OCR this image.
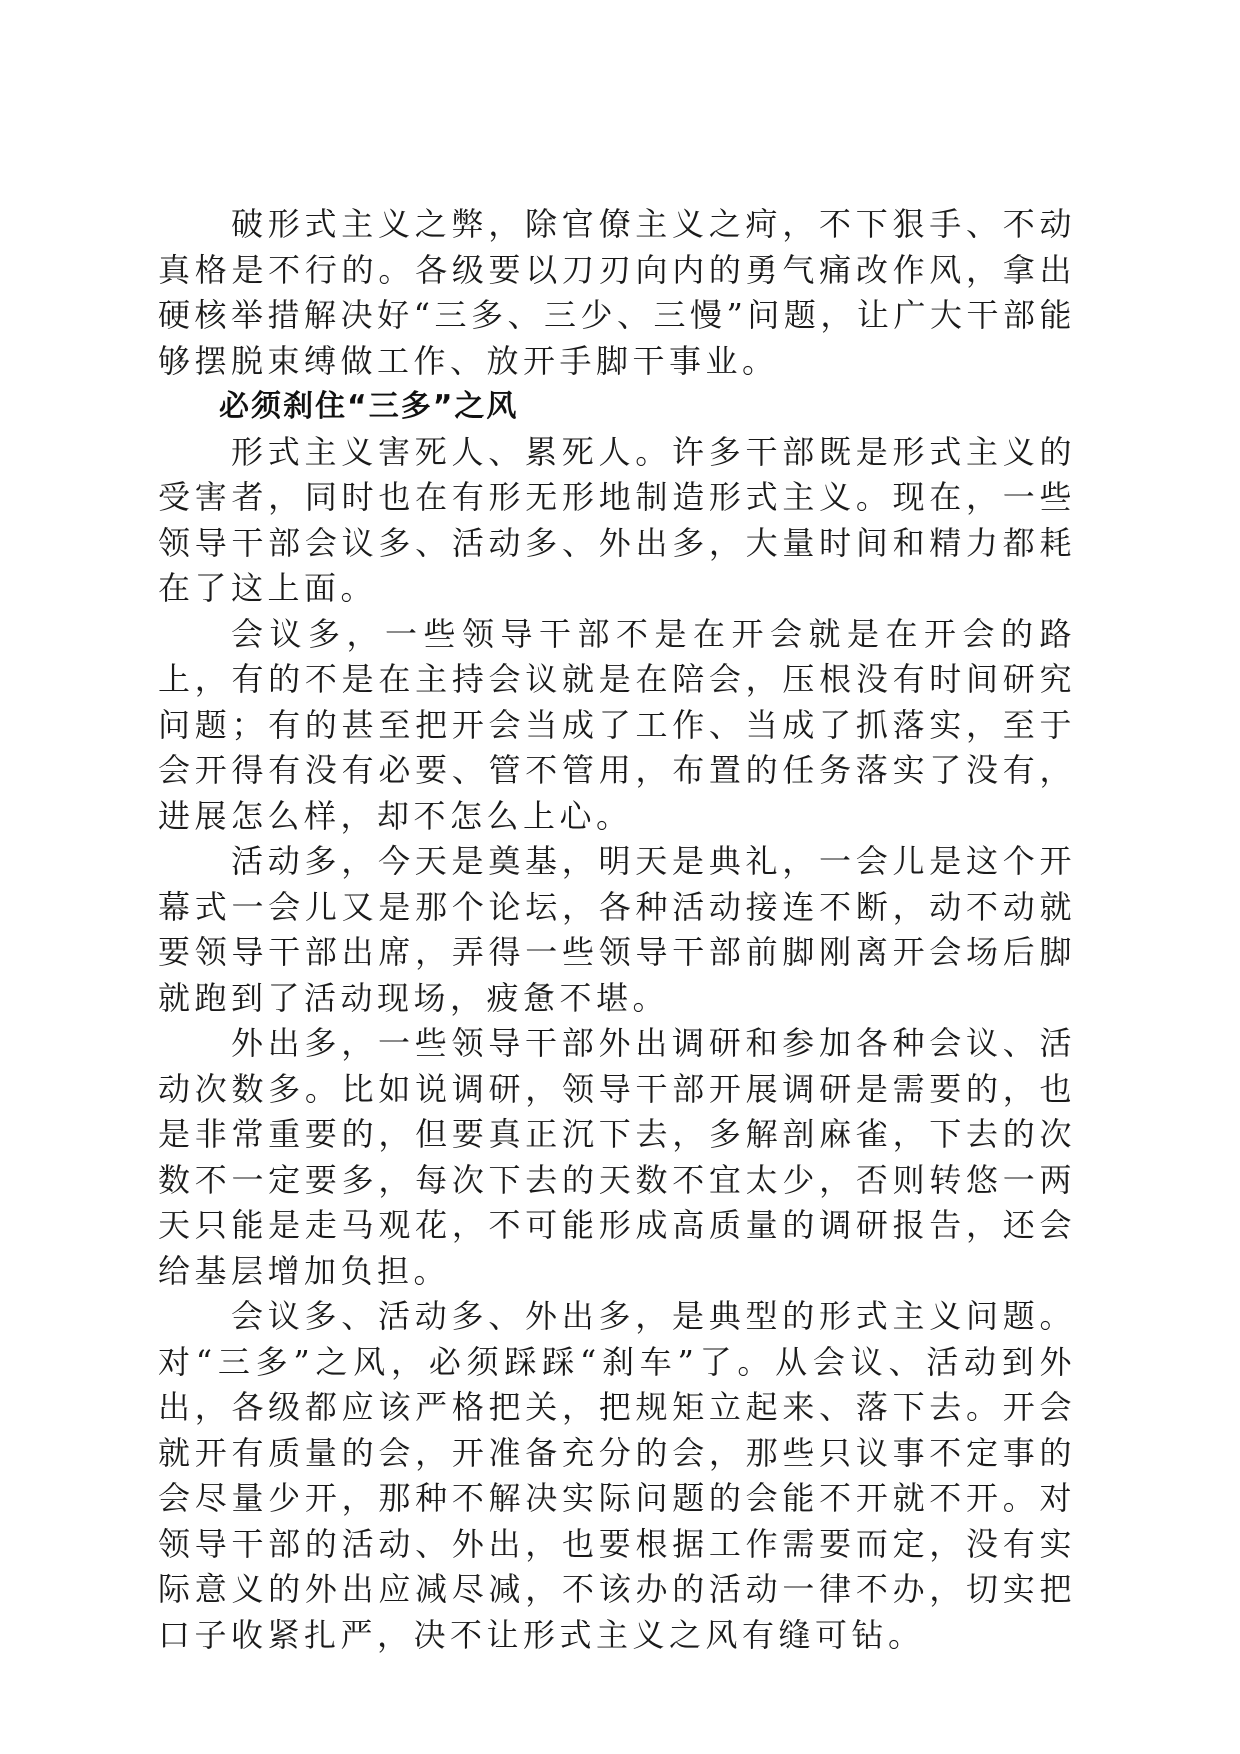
破形式主义之弊，除官僚主义之疴，不下狠手、不动真格是不行的。各级要以刀刃向内的勇气痛改作风，拿出硬核举措解决好“三多、三少、三慢”问题，让广大干部能够摆脱束缚做工作、放开手脚干事业。

必须刹住“三多”之风

形式主义害死人、累死人。许多干部既是形式主义的受害者，同时也在有形无形地制造形式主义。现在，一些领导干部会议多、活动多、外出多，大量时间和精力都耗在了这上面。

会议多，一些领导干部不是在开会就是在开会的路上，有的不是在主持会议就是在陪会，压根没有时间研究问题；有的甚至把开会当成了工作、当成了抓落实，至于会开得有没有必要、管不管用，布置的任务落实了没有，进展怎么样，却不怎么上心。

活动多，今天是奠基，明天是典礼，一会儿是这个开幕式一会儿又是那个论坛，各种活动接连不断，动不动就要领导干部出席，弄得一些领导干部前脚刚离开会场后脚就跑到了活动现场，疲惫不堪。

外出多，一些领导干部外出调研和参加各种会议、活动次数多。比如说调研，领导干部开展调研是需要的，也是非常重要的，但要真正沉下去，多解剖麻雀，下去的次数不一定要多，每次下去的天数不宜太少，否则转悠一两天只能是走马观花，不可能形成高质量的调研报告，还会给基层增加负担。

会议多、活动多、外出多，是典型的形式主义问题。对“三多”之风，必须踩踩“刹车”了。从会议、活动到外出，各级都应该严格把关，把规矩立起来、落下去。开会就开有质量的会，开准备充分的会，那些只议事不定事的会尽量少开，那种不解决实际问题的会能不开就不开。对领导干部的活动、外出，也要根据工作需要而定，没有实际意义的外出应减尽减，不该办的活动一律不办，切实把口子收紧扎严，决不让形式主义之风有缝可钻。
